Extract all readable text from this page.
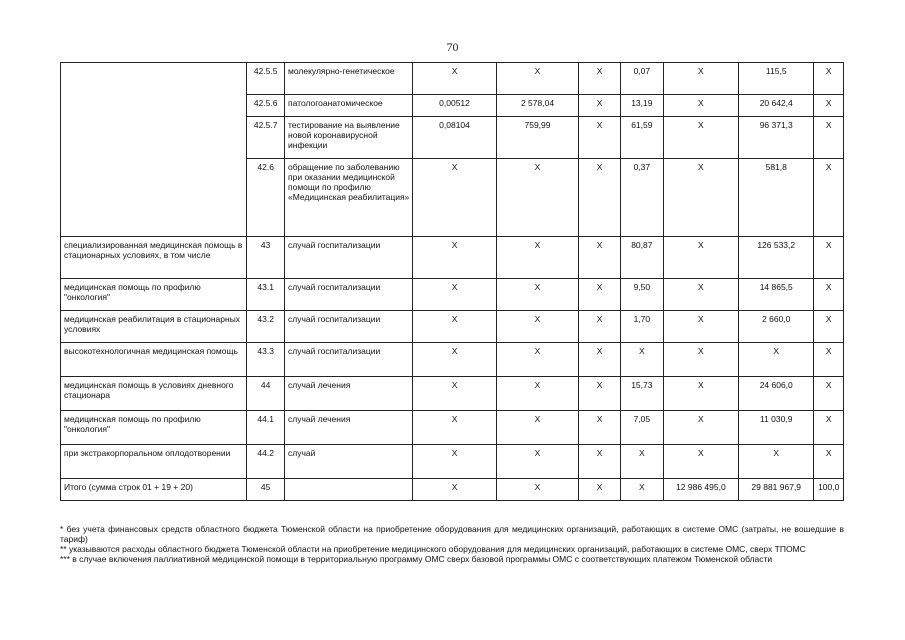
70
	42.5.5	молекулярно-генетическое	X	X	X	0,07	X	115,5	X
	42.5.6	патологоанатомическое	0,00512	2 578,04	X	13,19	X	20 642,4	X
	42.5.7	тестирование на выявление новой коронавирусной инфекции	0,08104	759,99	X	61,59	X	96 371,3	X
	42.6	обращение по заболеванию при оказании медицинской помощи по профилю «Медицинская реабилитация»	X	X	X	0,37	X	581,8	X
специализированная медицинская помощь в стационарных условиях, в том числе	43	случай госпитализации	X	X	X	80,87	X	126 533,2	X
медицинская помощь по профилю "онкология"	43.1	случай госпитализации	X	X	X	9,50	X	14 865,5	X
медицинская реабилитация в стационарных условиях	43.2	случай госпитализации	X	X	X	1,70	X	2 660,0	X
высокотехнологичная медицинская помощь	43.3	случай госпитализации	X	X	X	X	X	X	X
медицинская помощь в условиях дневного стационара	44	случай лечения	X	X	X	15,73	X	24 606,0	X
медицинская помощь по профилю "онкология"	44.1	случай лечения	X	X	X	7,05	X	11 030,9	X
при экстракорпоральном оплодотворении	44.2	случай	X	X	X	X	X	X	X
Итого (сумма строк 01 + 19 + 20)	45		X	X	X	X	12 986 495,0	29 881 967,9	100,0

* без учета финансовых средств областного бюджета Тюменской области на приобретение оборудования для медицинских организаций, работающих в системе ОМС (затраты, не вошедшие в тариф)

** указываются расходы областного бюджета Тюменской области на приобретение медицинского оборудования для медицинских организаций, работающих в системе ОМС, сверх ТПОМС

*** в случае включения паллиативной медицинской помощи в территориальную программу ОМС сверх базовой программы ОМС с соответствующих платежом Тюменской области
